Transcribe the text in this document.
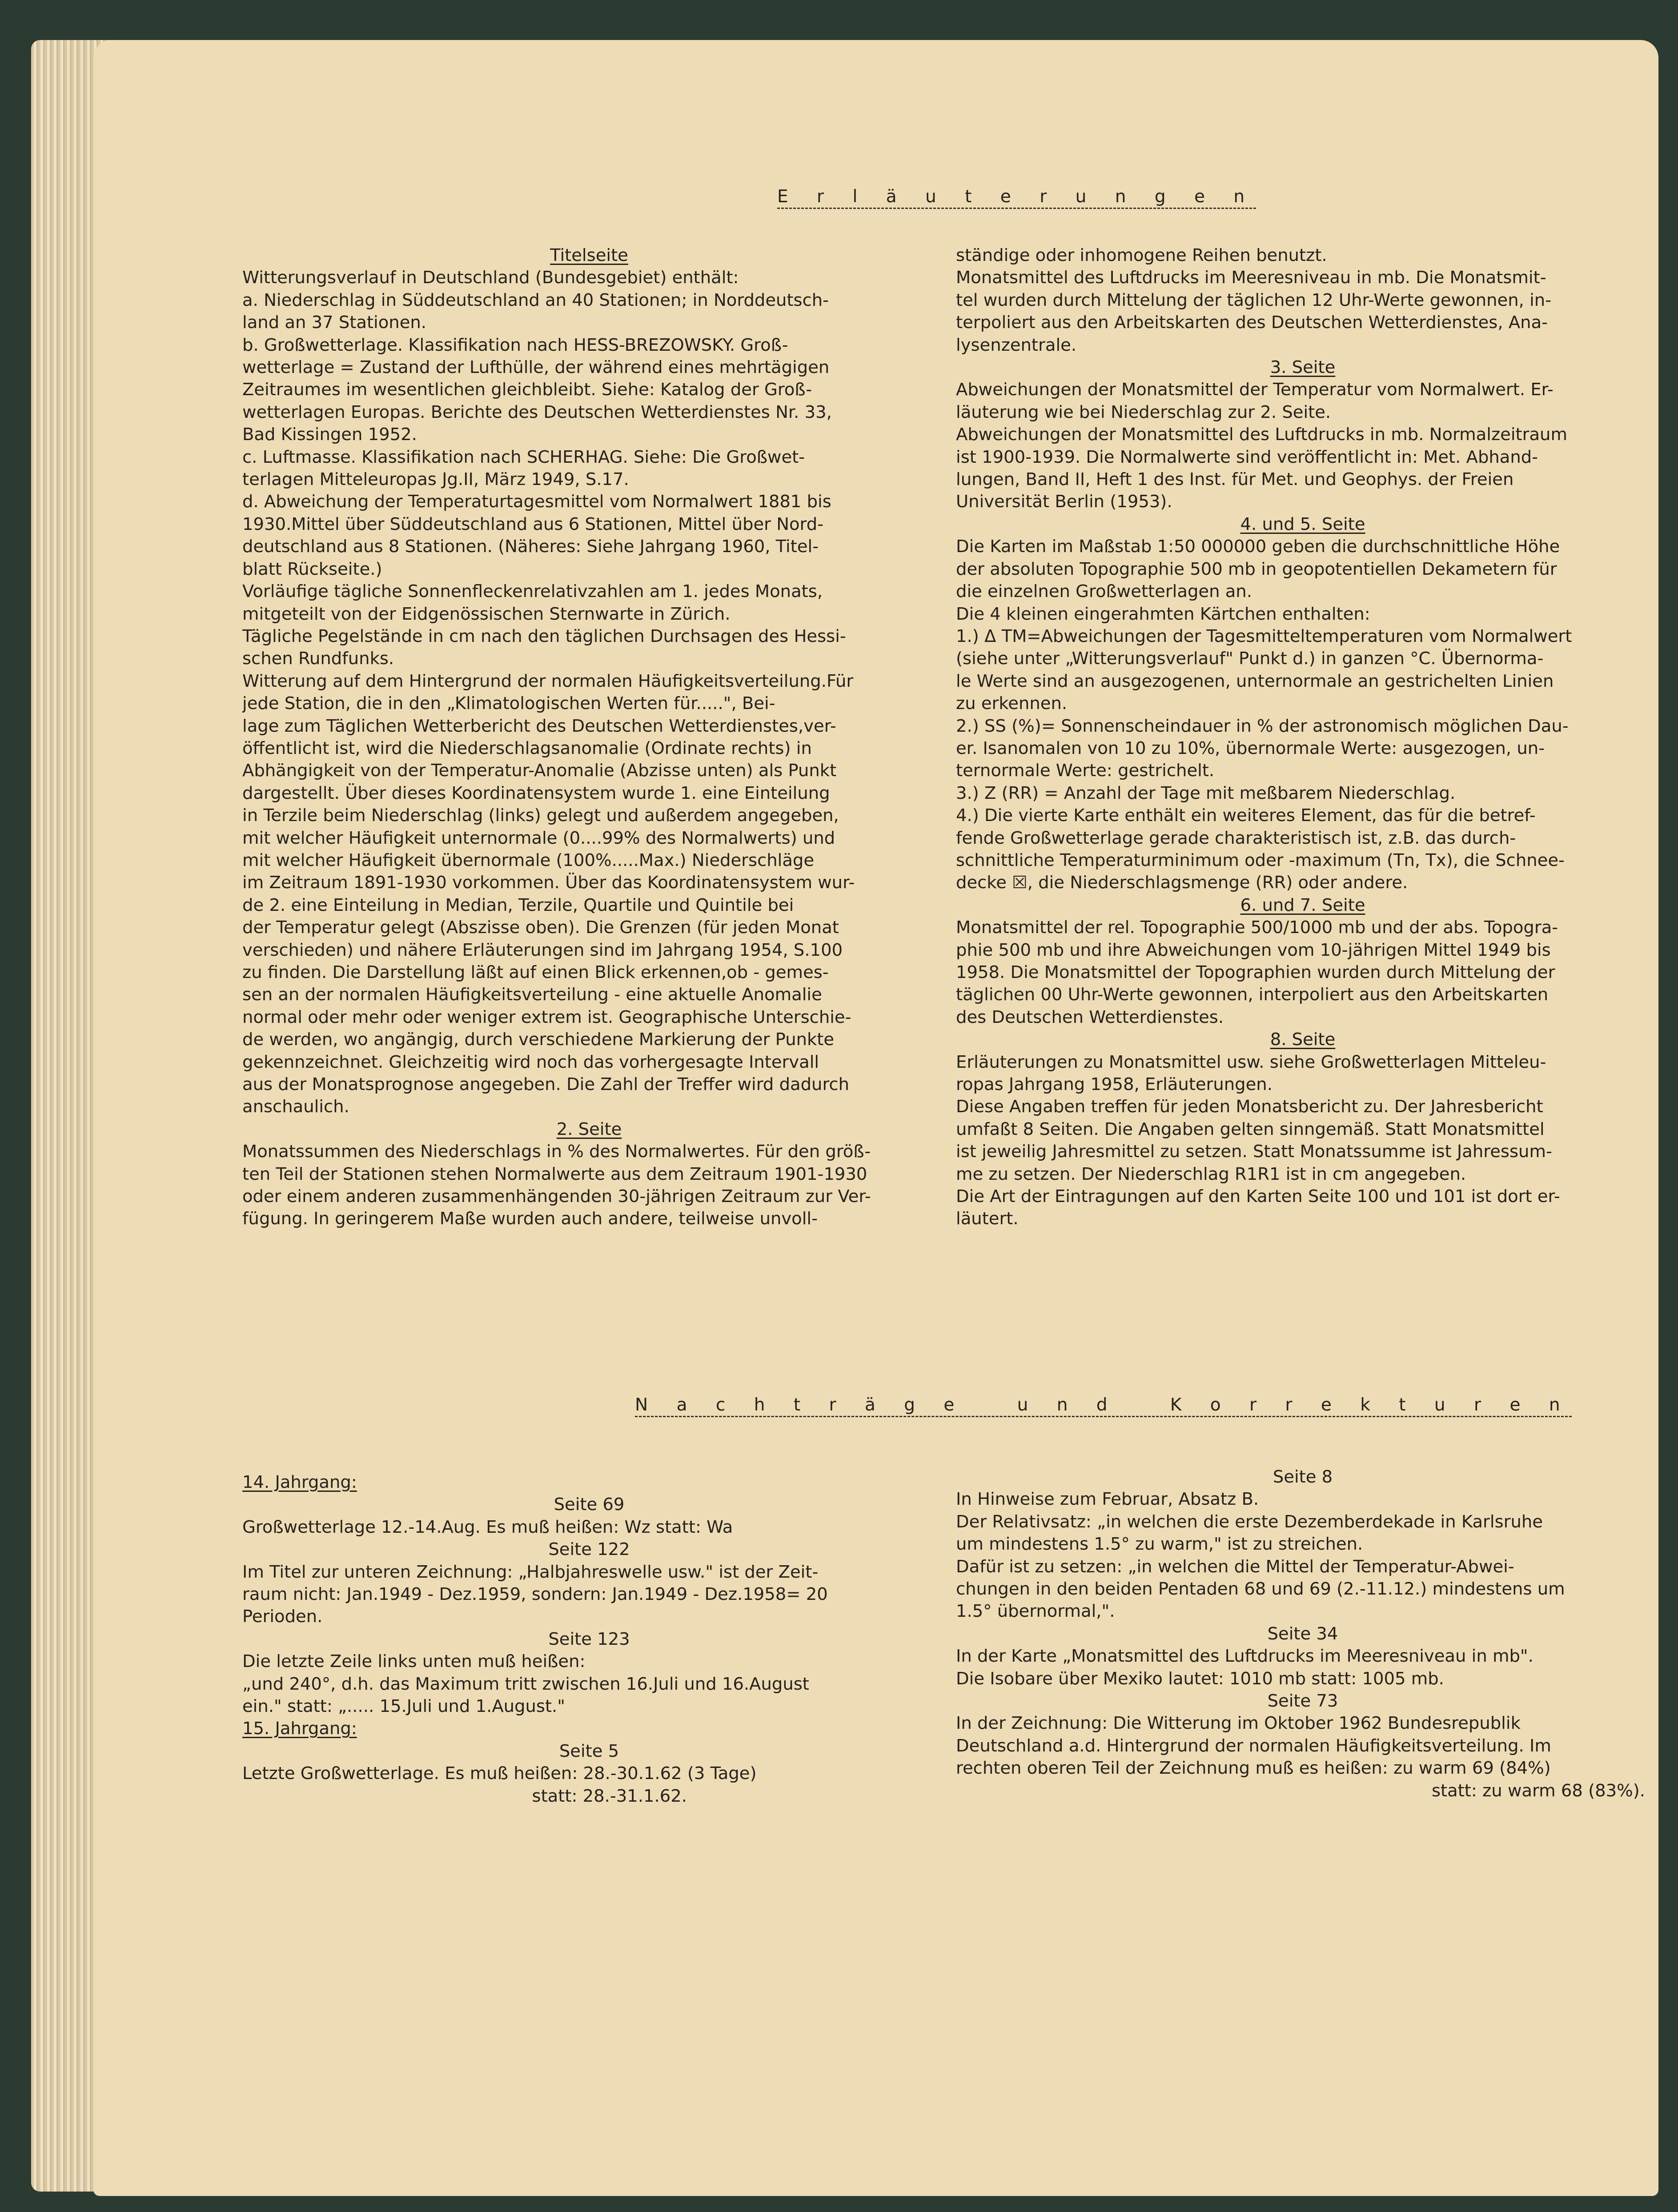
E r l ä u t e r u n g e n

Titelseite

Witterungsverlauf in Deutschland (Bundesgebiet) enthält:

a. Niederschlag in Süddeutschland an 40 Stationen; in Norddeutsch-

land an 37 Stationen.

b. Großwetterlage. Klassifikation nach HESS-BREZOWSKY. Groß-

wetterlage = Zustand der Lufthülle, der während eines mehrtägigen

Zeitraumes im wesentlichen gleichbleibt. Siehe: Katalog der Groß-

wetterlagen Europas. Berichte des Deutschen Wetterdienstes Nr. 33,

Bad Kissingen 1952.

c. Luftmasse. Klassifikation nach SCHERHAG. Siehe: Die Großwet-

terlagen Mitteleuropas Jg.II, März 1949, S.17.

d. Abweichung der Temperaturtagesmittel vom Normalwert 1881 bis

1930.Mittel über Süddeutschland aus 6 Stationen, Mittel über Nord-

deutschland aus 8 Stationen. (Näheres: Siehe Jahrgang 1960, Titel-

blatt Rückseite.)

Vorläufige tägliche Sonnenfleckenrelativzahlen am 1. jedes Monats,

mitgeteilt von der Eidgenössischen Sternwarte in Zürich.

Tägliche Pegelstände in cm nach den täglichen Durchsagen des Hessi-

schen Rundfunks.

Witterung auf dem Hintergrund der normalen Häufigkeitsverteilung.Für

jede Station, die in den „Klimatologischen Werten für.....", Bei-

lage zum Täglichen Wetterbericht des Deutschen Wetterdienstes,ver-

öffentlicht ist, wird die Niederschlagsanomalie (Ordinate rechts) in

Abhängigkeit von der Temperatur-Anomalie (Abzisse unten) als Punkt

dargestellt. Über dieses Koordinatensystem wurde 1. eine Einteilung

in Terzile beim Niederschlag (links) gelegt und außerdem angegeben,

mit welcher Häufigkeit unternormale (0....99% des Normalwerts) und

mit welcher Häufigkeit übernormale (100%.....Max.) Niederschläge

im Zeitraum 1891-1930 vorkommen. Über das Koordinatensystem wur-

de 2. eine Einteilung in Median, Terzile, Quartile und Quintile bei

der Temperatur gelegt (Abszisse oben). Die Grenzen (für jeden Monat

verschieden) und nähere Erläuterungen sind im Jahrgang 1954, S.100

zu finden. Die Darstellung läßt auf einen Blick erkennen,ob - gemes-

sen an der normalen Häufigkeitsverteilung - eine aktuelle Anomalie

normal oder mehr oder weniger extrem ist. Geographische Unterschie-

de werden, wo angängig, durch verschiedene Markierung der Punkte

gekennzeichnet. Gleichzeitig wird noch das vorhergesagte Intervall

aus der Monatsprognose angegeben. Die Zahl der Treffer wird dadurch

anschaulich.

2. Seite

Monatssummen des Niederschlags in % des Normalwertes. Für den größ-

ten Teil der Stationen stehen Normalwerte aus dem Zeitraum 1901-1930

oder einem anderen zusammenhängenden 30-jährigen Zeitraum zur Ver-

fügung. In geringerem Maße wurden auch andere, teilweise unvoll-

ständige oder inhomogene Reihen benutzt.

Monatsmittel des Luftdrucks im Meeresniveau in mb. Die Monatsmit-

tel wurden durch Mittelung der täglichen 12 Uhr-Werte gewonnen, in-

terpoliert aus den Arbeitskarten des Deutschen Wetterdienstes, Ana-

lysenzentrale.

3. Seite

Abweichungen der Monatsmittel der Temperatur vom Normalwert. Er-

läuterung wie bei Niederschlag zur 2. Seite.

Abweichungen der Monatsmittel des Luftdrucks in mb. Normalzeitraum

ist 1900-1939. Die Normalwerte sind veröffentlicht in: Met. Abhand-

lungen, Band II, Heft 1 des Inst. für Met. und Geophys. der Freien

Universität Berlin (1953).

4. und 5. Seite

Die Karten im Maßstab 1:50 000000 geben die durchschnittliche Höhe

der absoluten Topographie 500 mb in geopotentiellen Dekametern für

die einzelnen Großwetterlagen an.

Die 4 kleinen eingerahmten Kärtchen enthalten:

1.) Δ TM=Abweichungen der Tagesmitteltemperaturen vom Normalwert

(siehe unter „Witterungsverlauf" Punkt d.) in ganzen °C. Übernorma-

le Werte sind an ausgezogenen, unternormale an gestrichelten Linien

zu erkennen.

2.) SS (%)= Sonnenscheindauer in % der astronomisch möglichen Dau-

er. Isanomalen von 10 zu 10%, übernormale Werte: ausgezogen, un-

ternormale Werte: gestrichelt.

3.) Z (RR) = Anzahl der Tage mit meßbarem Niederschlag.

4.) Die vierte Karte enthält ein weiteres Element, das für die betref-

fende Großwetterlage gerade charakteristisch ist, z.B. das durch-

schnittliche Temperaturminimum oder -maximum (Tn, Tx), die Schnee-

decke ☒, die Niederschlagsmenge (RR) oder andere.

6. und 7. Seite

Monatsmittel der rel. Topographie 500/1000 mb und der abs. Topogra-

phie 500 mb und ihre Abweichungen vom 10-jährigen Mittel 1949 bis

1958. Die Monatsmittel der Topographien wurden durch Mittelung der

täglichen 00 Uhr-Werte gewonnen, interpoliert aus den Arbeitskarten

des Deutschen Wetterdienstes.

8. Seite

Erläuterungen zu Monatsmittel usw. siehe Großwetterlagen Mitteleu-

ropas Jahrgang 1958, Erläuterungen.

Diese Angaben treffen für jeden Monatsbericht zu. Der Jahresbericht

umfaßt 8 Seiten. Die Angaben gelten sinngemäß. Statt Monatsmittel

ist jeweilig Jahresmittel zu setzen. Statt Monatssumme ist Jahressum-

me zu setzen. Der Niederschlag R1R1 ist in cm angegeben.

Die Art der Eintragungen auf den Karten Seite 100 und 101 ist dort er-

läutert.

N a c h t r ä g e   u n d   K o r r e k t u r e n

14. Jahrgang:

Seite 69

Großwetterlage 12.-14.Aug. Es muß heißen: Wz statt: Wa

Seite 122

Im Titel zur unteren Zeichnung: „Halbjahreswelle usw." ist der Zeit-

raum nicht: Jan.1949 - Dez.1959, sondern: Jan.1949 - Dez.1958= 20

Perioden.

Seite 123

Die letzte Zeile links unten muß heißen:

„und 240°, d.h. das Maximum tritt zwischen 16.Juli und 16.August

ein." statt: „..... 15.Juli und 1.August."

15. Jahrgang:

Seite 5

Letzte Großwetterlage. Es muß heißen: 28.-30.1.62 (3 Tage)

statt: 28.-31.1.62.

Seite 8

In Hinweise zum Februar, Absatz B.

Der Relativsatz: „in welchen die erste Dezemberdekade in Karlsruhe

um mindestens 1.5° zu warm," ist zu streichen.

Dafür ist zu setzen: „in welchen die Mittel der Temperatur-Abwei-

chungen in den beiden Pentaden 68 und 69 (2.-11.12.) mindestens um

1.5° übernormal,".

Seite 34

In der Karte „Monatsmittel des Luftdrucks im Meeresniveau in mb".

Die Isobare über Mexiko lautet: 1010 mb statt: 1005 mb.

Seite 73

In der Zeichnung: Die Witterung im Oktober 1962 Bundesrepublik

Deutschland a.d. Hintergrund der normalen Häufigkeitsverteilung. Im

rechten oberen Teil der Zeichnung muß es heißen: zu warm 69 (84%)

statt: zu warm 68 (83%).
